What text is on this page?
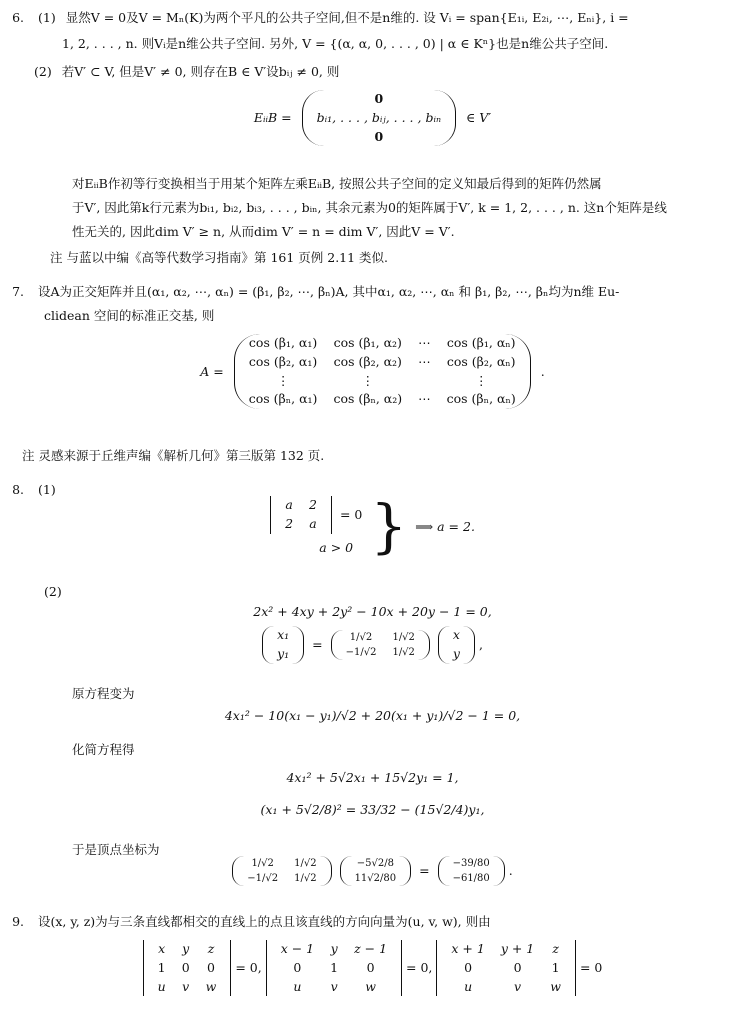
6. (1) 显然V = 0及V = Mₙ(K)为两个平凡的公共子空间,但不是n维的. 设 Vᵢ = span{E₁ᵢ, E₂ᵢ, ⋯, Eₙᵢ}, i =
1, 2, . . . , n. 则Vᵢ是n维公共子空间. 另外, V = {(α, α, 0, . . . , 0) | α ∈ Kⁿ}也是n维公共子空间.
(2) 若V′ ⊂ V, 但是V′ ≠ 0, 则存在B ∈ V′设bᵢⱼ ≠ 0, 则
EᵢᵢB =
0
bᵢ₁, . . . , bᵢⱼ, . . . , bᵢₙ
0
∈ V′
对EᵢᵢB作初等行变换相当于用某个矩阵左乘EᵢᵢB, 按照公共子空间的定义知最后得到的矩阵仍然属
于V′, 因此第k行元素为bᵢ₁, bᵢ₂, bᵢ₃, . . . , bᵢₙ, 其余元素为0的矩阵属于V′, k = 1, 2, . . . , n. 这n个矩阵是线
性无关的, 因此dim V′ ≥ n, 从而dim V′ = n = dim V′, 因此V = V′.
注 与蓝以中编《高等代数学习指南》第 161 页例 2.11 类似.
7. 设A为正交矩阵并且(α₁, α₂, ⋯, αₙ) = (β₁, β₂, ⋯, βₙ)A, 其中α₁, α₂, ⋯, αₙ 和 β₁, β₂, ⋯, βₙ均为n维 Eu-
clidean 空间的标准正交基, 则
A =
cos (β₁, α₁)	cos (β₁, α₂)	⋯	cos (β₁, αₙ)
cos (β₂, α₁)	cos (β₂, α₂)	⋯	cos (β₂, αₙ)
⋮	⋮		⋮
cos (βₙ, α₁)	cos (βₙ, α₂)	⋯	cos (βₙ, αₙ)
.
注 灵感来源于丘维声编《解析几何》第三版第 132 页.
8. (1)
a	2
2	a
= 0
a > 0 } ⟹ a = 2.
(2)
2x² + 4xy + 2y² − 10x + 20y − 1 = 0,
x₁
y₁
=	1/√2	1/√2
−1/√2	1/√2

x
y
,
原方程变为
4x₁² − 10(x₁ − y₁)/√2 + 20(x₁ + y₁)/√2 − 1 = 0,
化简方程得
4x₁² + 5√2x₁ + 15√2y₁ = 1,
(x₁ + 5√2/8)² = 33/32 − (15√2/4)y₁,
于是顶点坐标为
1/√2	1/√2
−1/√2	1/√2

−5√2/8
11√2/80
= −39/80
−61/80
.
9. 设(x, y, z)为与三条直线都相交的直线上的点且该直线的方向向量为(u, v, w), 则由
x	y	z
1	0	0
u	v	w
= 0,
x − 1	y	z − 1
0	1	0
u	v	w
= 0,
x + 1	y + 1	z
0	0	1
u	v	w
= 0
